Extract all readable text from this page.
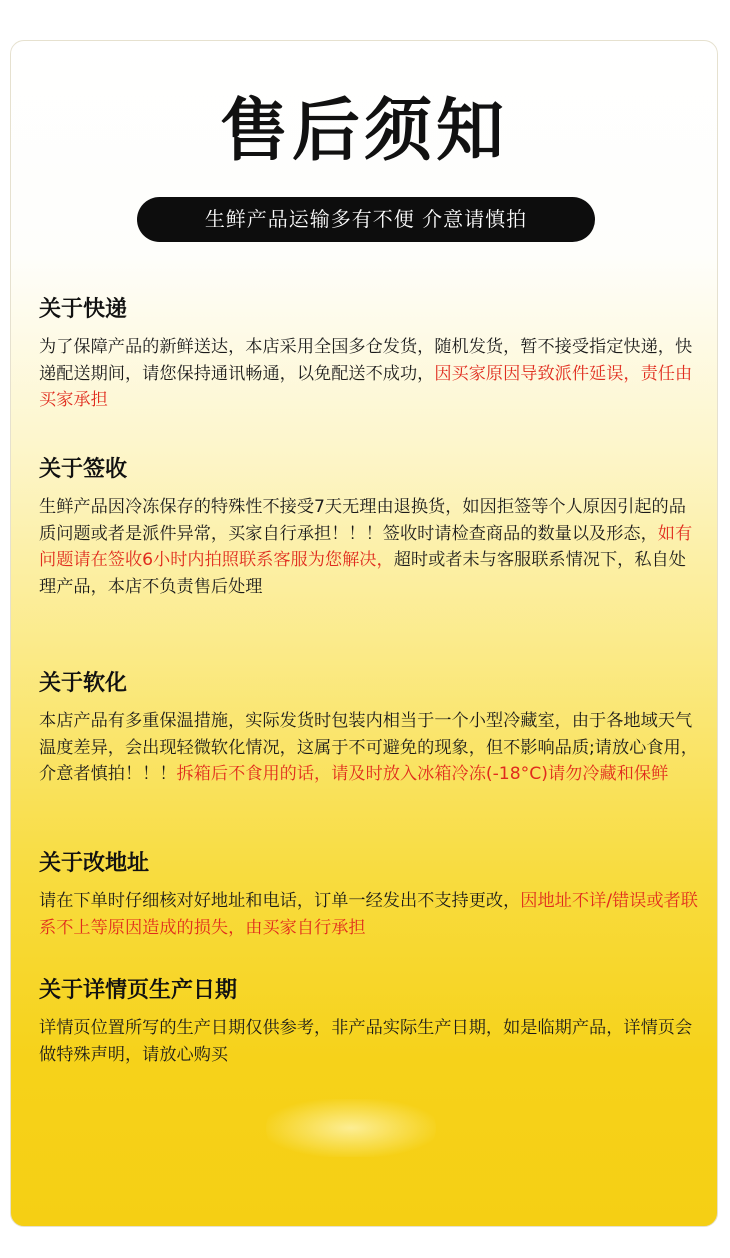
售后须知
生鲜产品运输多有不便 介意请慎拍
关于快递

为了保障产品的新鲜送达，本店采用全国多仓发货，随机发货，暂不接受指定快递，快递配送期间，请您保持通讯畅通，以免配送不成功，因买家原因导致派件延误，责任由买家承担

关于签收

生鲜产品因冷冻保存的特殊性不接受7天无理由退换货，如因拒签等个人原因引起的品质问题或者是派件异常，买家自行承担！！！签收时请检查商品的数量以及形态，如有问题请在签收6小时内拍照联系客服为您解决，超时或者未与客服联系情况下，私自处理产品，本店不负责售后处理

关于软化

本店产品有多重保温措施，实际发货时包装内相当于一个小型冷藏室，由于各地域天气温度差异，会出现轻微软化情况，这属于不可避免的现象，但不影响品质;请放心食用，介意者慎拍！！！拆箱后不食用的话，请及时放入冰箱冷冻(-18°C)请勿冷藏和保鲜

关于改地址

请在下单时仔细核对好地址和电话，订单一经发出不支持更改，因地址不详/错误或者联系不上等原因造成的损失，由买家自行承担

关于详情页生产日期

详情页位置所写的生产日期仅供参考，非产品实际生产日期，如是临期产品，详情页会做特殊声明，请放心购买
